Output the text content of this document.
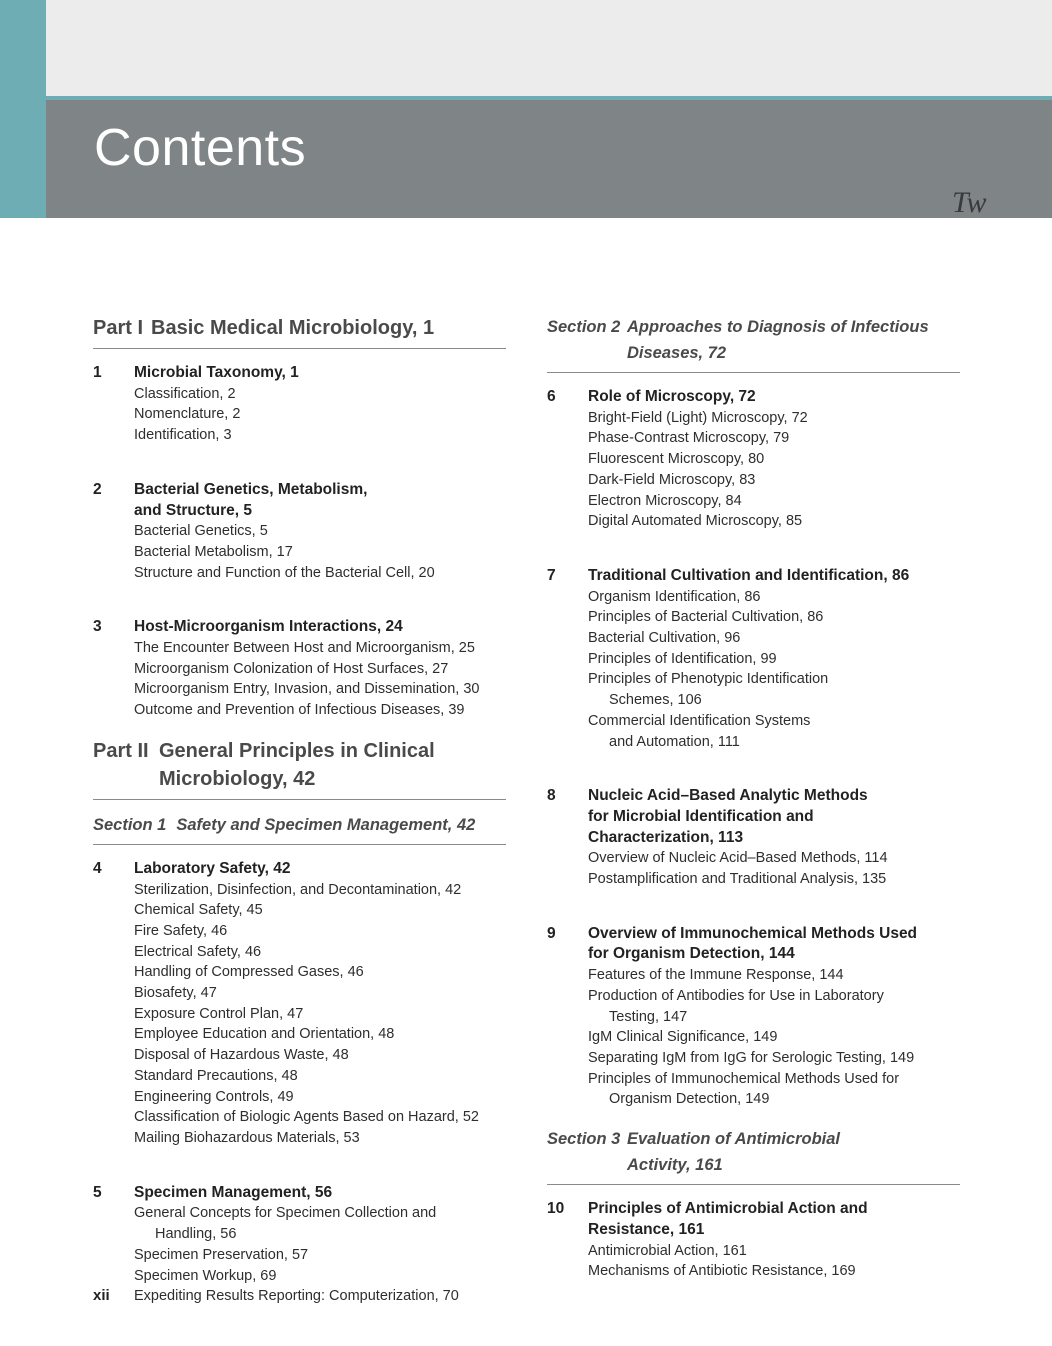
Contents
Tw
Part I Basic Medical Microbiology, 1
1 Microbial Taxonomy, 1
Classification, 2
Nomenclature, 2
Identification, 3
2 Bacterial Genetics, Metabolism,
and Structure, 5
Bacterial Genetics, 5
Bacterial Metabolism, 17
Structure and Function of the Bacterial Cell, 20
3 Host-Microorganism Interactions, 24
The Encounter Between Host and Microorganism, 25
Microorganism Colonization of Host Surfaces, 27
Microorganism Entry, Invasion, and Dissemination, 30
Outcome and Prevention of Infectious Diseases, 39
Part II General Principles in Clinical
Microbiology, 42
Section 1 Safety and Specimen Management, 42
4 Laboratory Safety, 42
Sterilization, Disinfection, and Decontamination, 42
Chemical Safety, 45
Fire Safety, 46
Electrical Safety, 46
Handling of Compressed Gases, 46
Biosafety, 47
Exposure Control Plan, 47
Employee Education and Orientation, 48
Disposal of Hazardous Waste, 48
Standard Precautions, 48
Engineering Controls, 49
Classification of Biologic Agents Based on Hazard, 52
Mailing Biohazardous Materials, 53
5 Specimen Management, 56
General Concepts for Specimen Collection and
Handling, 56
Specimen Preservation, 57
Specimen Workup, 69
Expediting Results Reporting: Computerization, 70
Section 2 Approaches to Diagnosis of Infectious
Diseases, 72
6 Role of Microscopy, 72
Bright-Field (Light) Microscopy, 72
Phase-Contrast Microscopy, 79
Fluorescent Microscopy, 80
Dark-Field Microscopy, 83
Electron Microscopy, 84
Digital Automated Microscopy, 85
7 Traditional Cultivation and Identification, 86
Organism Identification, 86
Principles of Bacterial Cultivation, 86
Bacterial Cultivation, 96
Principles of Identification, 99
Principles of Phenotypic Identification
Schemes, 106
Commercial Identification Systems
and Automation, 111
8 Nucleic Acid–Based Analytic Methods
for Microbial Identification and
Characterization, 113
Overview of Nucleic Acid–Based Methods, 114
Postamplification and Traditional Analysis, 135
9 Overview of Immunochemical Methods Used
for Organism Detection, 144
Features of the Immune Response, 144
Production of Antibodies for Use in Laboratory
Testing, 147
IgM Clinical Significance, 149
Separating IgM from IgG for Serologic Testing, 149
Principles of Immunochemical Methods Used for
Organism Detection, 149
Section 3 Evaluation of Antimicrobial
Activity, 161
10 Principles of Antimicrobial Action and
Resistance, 161
Antimicrobial Action, 161
Mechanisms of Antibiotic Resistance, 169
xii
